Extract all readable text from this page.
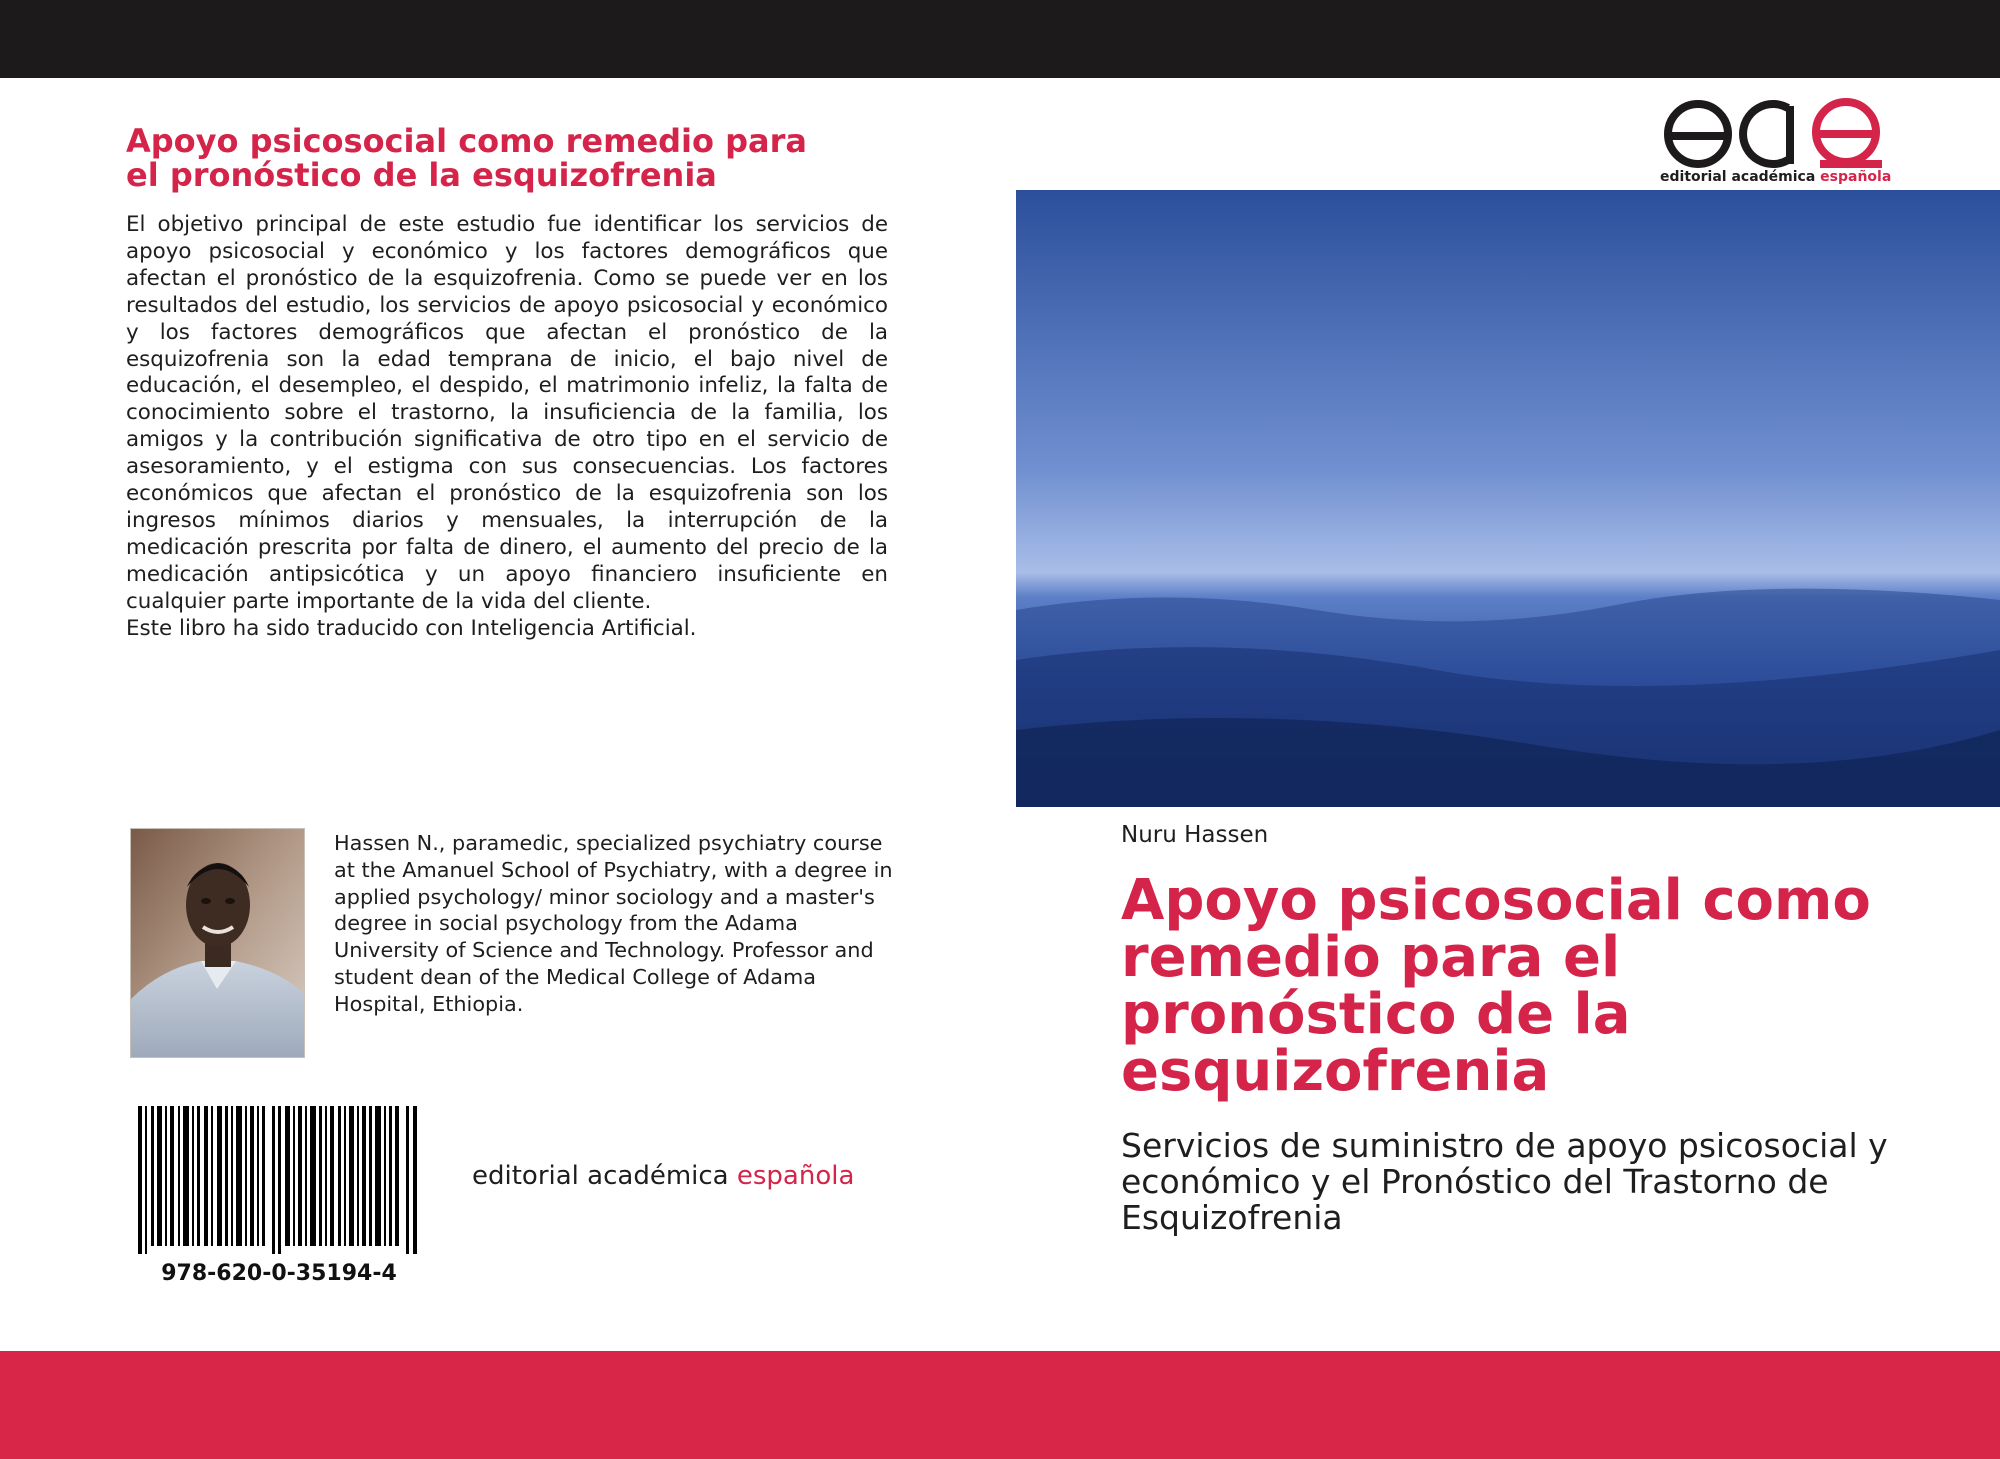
Apoyo psicosocial como remedio para
el pronóstico de la esquizofrenia

El objetivo principal de este estudio fue identificar los servicios de apoyo psicosocial y económico y los factores demográficos que afectan el pronóstico de la esquizofrenia. Como se puede ver en los resultados del estudio, los servicios de apoyo psicosocial y económico y los factores demográficos que afectan el pronóstico de la esquizofrenia son la edad temprana de inicio, el bajo nivel de educación, el desempleo, el despido, el matrimonio infeliz, la falta de conocimiento sobre el trastorno, la insuficiencia de la familia, los amigos y la contribución significativa de otro tipo en el servicio de asesoramiento, y el estigma con sus consecuencias. Los factores económicos que afectan el pronóstico de la esquizofrenia son los ingresos mínimos diarios y mensuales, la interrupción de la medicación prescrita por falta de dinero, el aumento del precio de la medicación antipsicótica y un apoyo financiero insuficiente en cualquier parte importante de la vida del cliente.

Este libro ha sido traducido con Inteligencia Artificial.

Hassen N., paramedic, specialized psychiatry course at the Amanuel School of Psychiatry, with a degree in applied psychology/ minor sociology and a master's degree in social psychology from the Adama University of Science and Technology. Professor and student dean of the Medical College of Adama Hospital, Ethiopia.

978-620-0-35194-4
editorial académica española
editorial académica española
Nuru Hassen
Apoyo psicosocial como remedio para el pronóstico de la esquizofrenia

Servicios de suministro de apoyo psicosocial y económico y el Pronóstico del Trastorno de Esquizofrenia
